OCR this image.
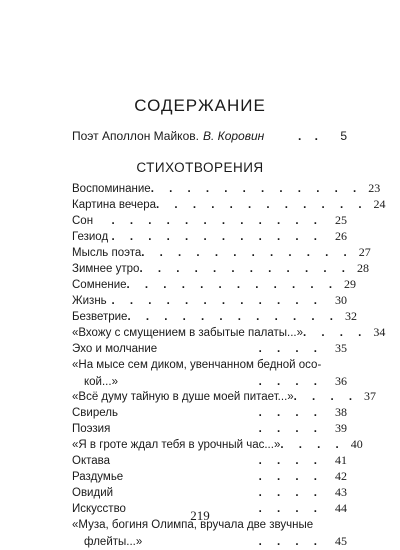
СОДЕРЖАНИЕ
Поэт Аполлон Майков. В. Коровин	. .	5
СТИХОТВОРЕНИЯ
Воспоминание . . . . . . . . . . . . 23
Картина вечера . . . . . . . . . . . . 24
Сон	. . . . . . . . . . . .	25
Гезиод . . . . . . . . . . . .	26
Мысль поэта . . . . . . . . . . . . 27
Зимнее утро . . . . . . . . . . . . 28
Сомнение . . . . . . . . . . . . 29
Жизнь . . . . . . . . . . . .	30
Безветрие . . . . . . . . . . . . 32
«Вхожу с смущением в забытые палаты...» . . . . 34
Эхо и молчание	. . . .	35
«На мысе сем диком, увенчанном бедной осо-
кой...»	. . . .	36
«Всё думу тайную в душе моей питает...» . . . . 37
Свирель	. . . .	38
Поэзия	. . . .	39
«Я в гроте ждал тебя в урочный час...» . . . . 40
Октава	. . . .	41
Раздумье	. . . .	42
Овидий	. . . .	43
Искусство	. . . .	44
«Муза, богиня Олимпа, вручала две звучные
флейты...»	. . . .	45
219
